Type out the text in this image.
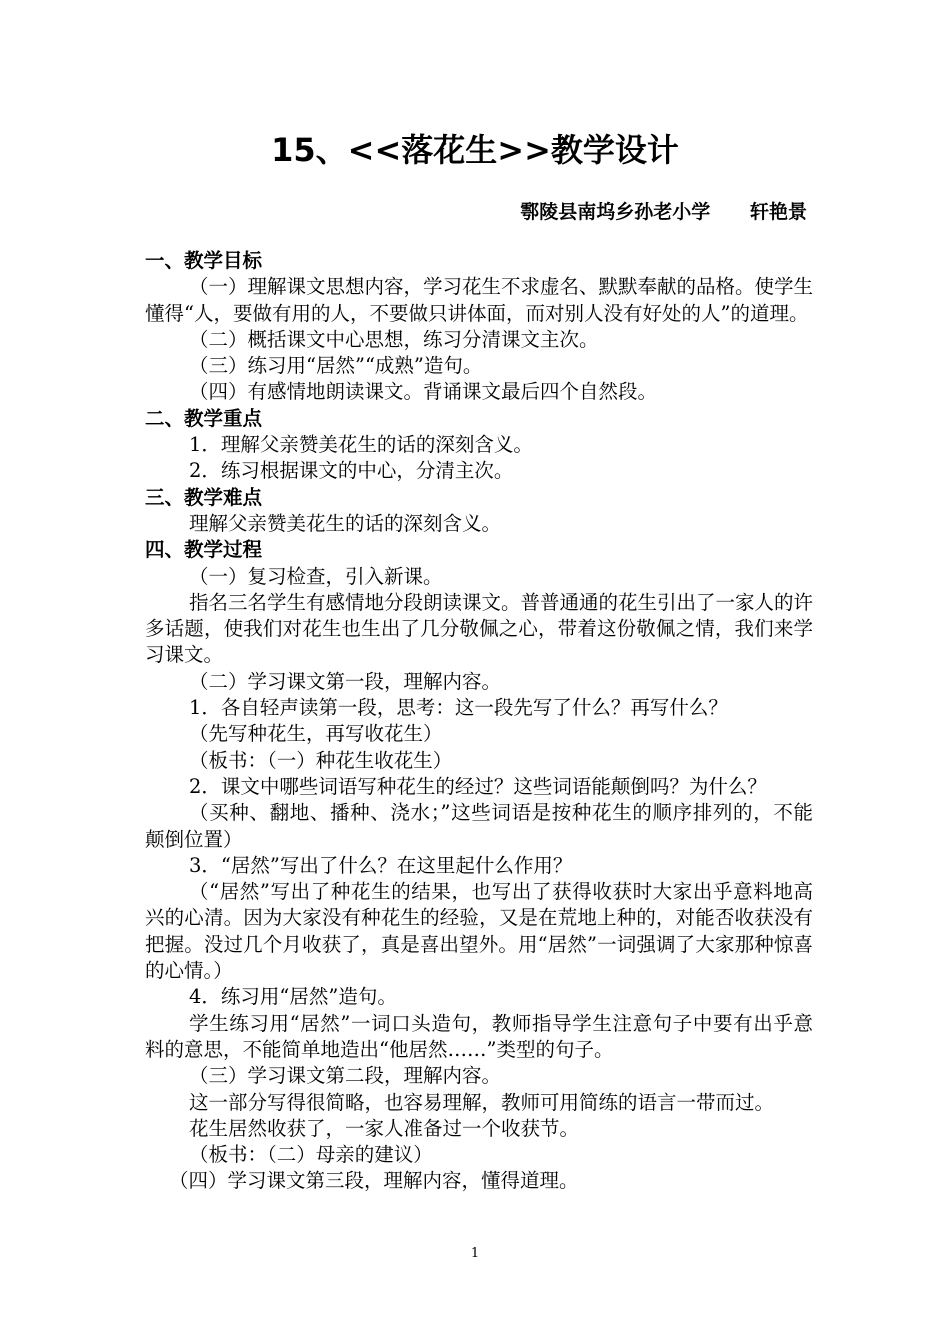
15、<<落花生>>教学设计
鄠陵县南坞乡孙老小学      轩艳景

一、教学目标

（一）理解课文思想内容，学习花生不求虚名、默默奉献的品格。使学生懂得“人，要做有用的人，不要做只讲体面，而对别人没有好处的人”的道理。

（二）概括课文中心思想，练习分清课文主次。

（三）练习用“居然”“成熟”造句。

（四）有感情地朗读课文。背诵课文最后四个自然段。

二、教学重点

1．理解父亲赞美花生的话的深刻含义。

2．练习根据课文的中心，分清主次。

三、教学难点

理解父亲赞美花生的话的深刻含义。

四、教学过程

（一）复习检查，引入新课。

指名三名学生有感情地分段朗读课文。普普通通的花生引出了一家人的许多话题，使我们对花生也生出了几分敬佩之心，带着这份敬佩之情，我们来学习课文。

（二）学习课文第一段，理解内容。

1．各自轻声读第一段，思考：这一段先写了什么？再写什么？

（先写种花生，再写收花生）

（板书：（一）种花生收花生）

2．课文中哪些词语写种花生的经过？这些词语能颠倒吗？为什么？

（买种、翻地、播种、浇水；”这些词语是按种花生的顺序排列的，不能颠倒位置）

3．“居然”写出了什么？在这里起什么作用？

（“居然”写出了种花生的结果，也写出了获得收获时大家出乎意料地高兴的心清。因为大家没有种花生的经验，又是在荒地上种的，对能否收获没有把握。没过几个月收获了，真是喜出望外。用“居然”一词强调了大家那种惊喜的心情。）

4．练习用“居然”造句。

学生练习用“居然”一词口头造句，教师指导学生注意句子中要有出乎意料的意思，不能简单地造出“他居然……”类型的句子。

（三）学习课文第二段，理解内容。

这一部分写得很简略，也容易理解，教师可用简练的语言一带而过。

花生居然收获了，一家人准备过一个收获节。

（板书：（二）母亲的建议）

（四）学习课文第三段，理解内容，懂得道理。

1
